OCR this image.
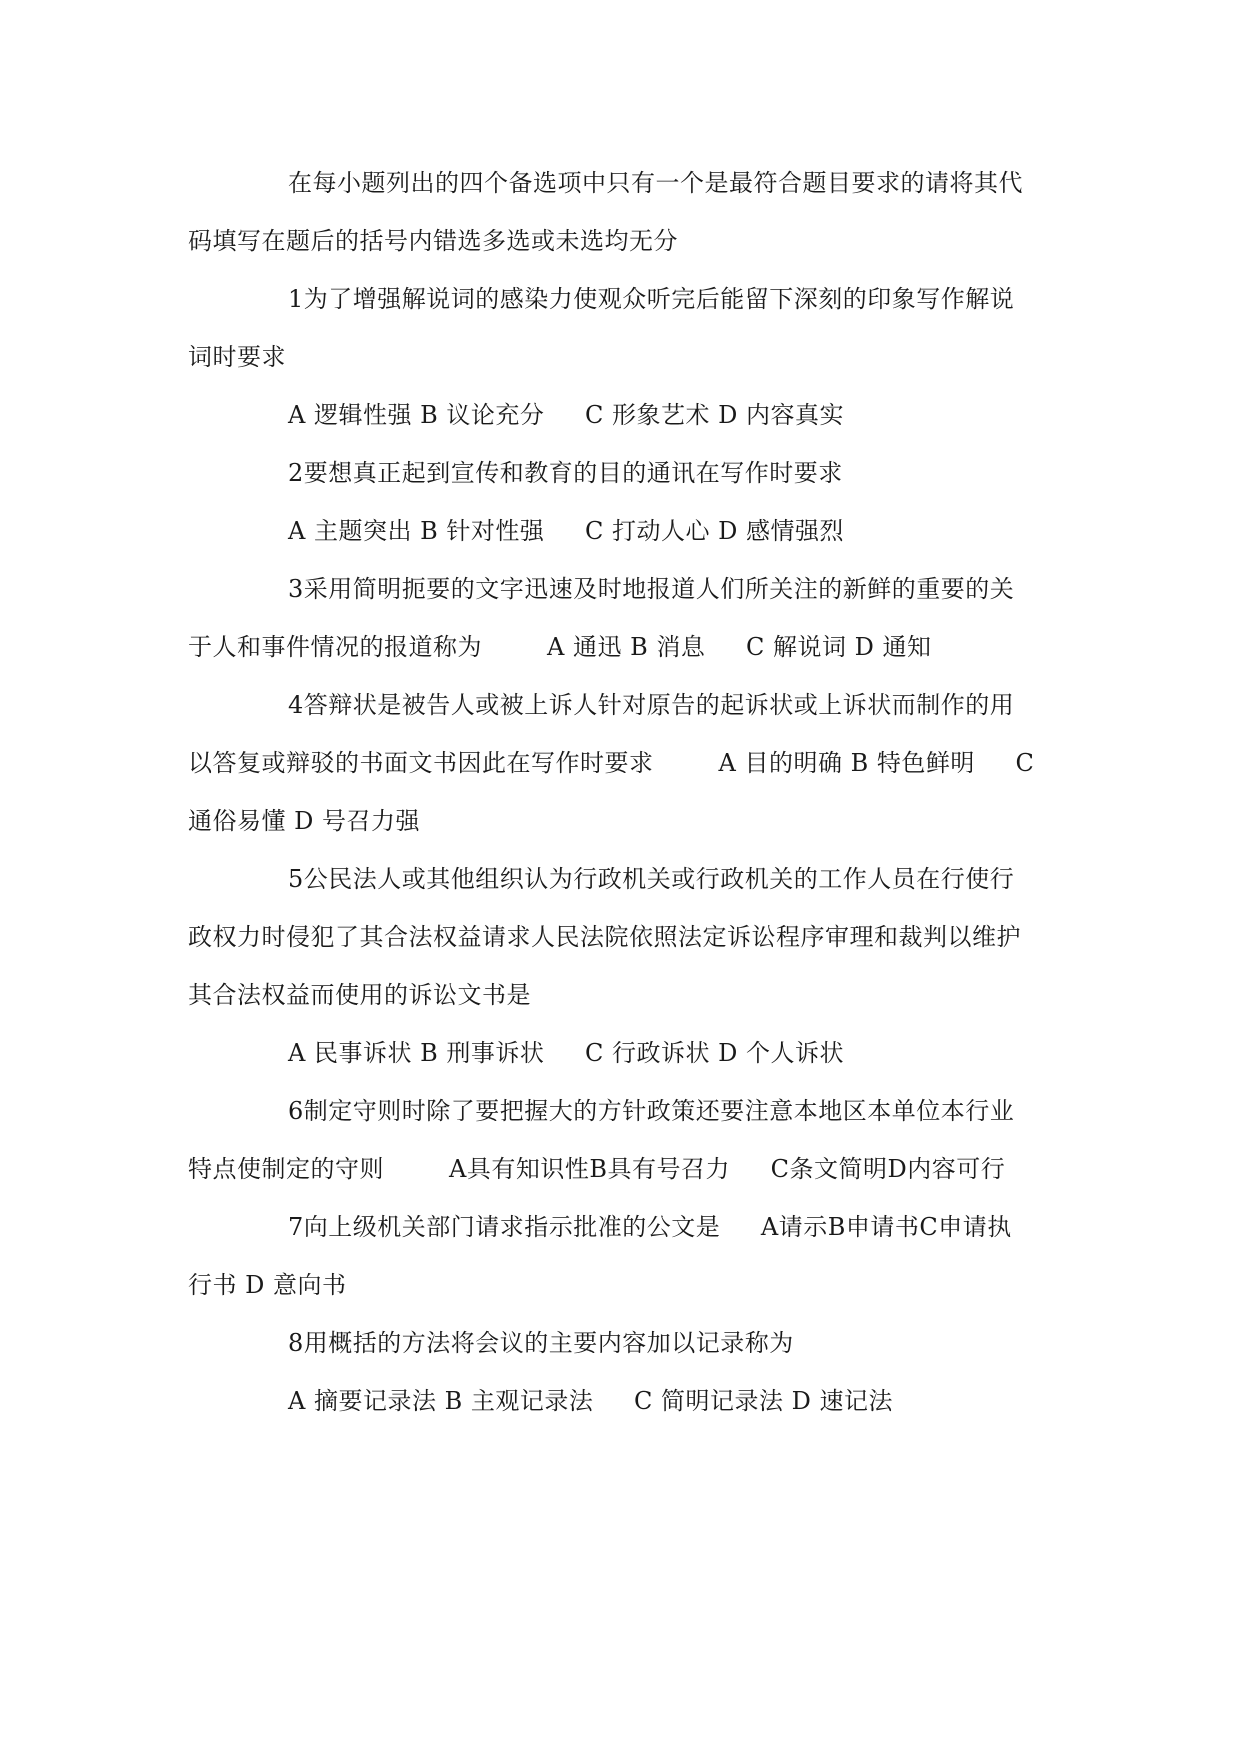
在每小题列出的四个备选项中只有一个是最符合题目要求的请将其代
码填写在题后的括号内错选多选或未选均无分
1为了增强解说词的感染力使观众听完后能留下深刻的印象写作解说
词时要求
A 逻辑性强 B 议论充分     C 形象艺术 D 内容真实
2要想真正起到宣传和教育的目的通讯在写作时要求
A 主题突出 B 针对性强     C 打动人心 D 感情强烈
3采用简明扼要的文字迅速及时地报道人们所关注的新鲜的重要的关
于人和事件情况的报道称为        A 通迅 B 消息     C 解说词 D 通知
4答辩状是被告人或被上诉人针对原告的起诉状或上诉状而制作的用
以答复或辩驳的书面文书因此在写作时要求        A 目的明确 B 特色鲜明     C
通俗易懂 D 号召力强
5公民法人或其他组织认为行政机关或行政机关的工作人员在行使行
政权力时侵犯了其合法权益请求人民法院依照法定诉讼程序审理和裁判以维护
其合法权益而使用的诉讼文书是
A 民事诉状 B 刑事诉状     C 行政诉状 D 个人诉状
6制定守则时除了要把握大的方针政策还要注意本地区本单位本行业
特点使制定的守则        A具有知识性B具有号召力     C条文简明D内容可行
7向上级机关部门请求指示批准的公文是     A请示B申请书C申请执
行书 D 意向书
8用概括的方法将会议的主要内容加以记录称为
A 摘要记录法 B 主观记录法     C 简明记录法 D 速记法
